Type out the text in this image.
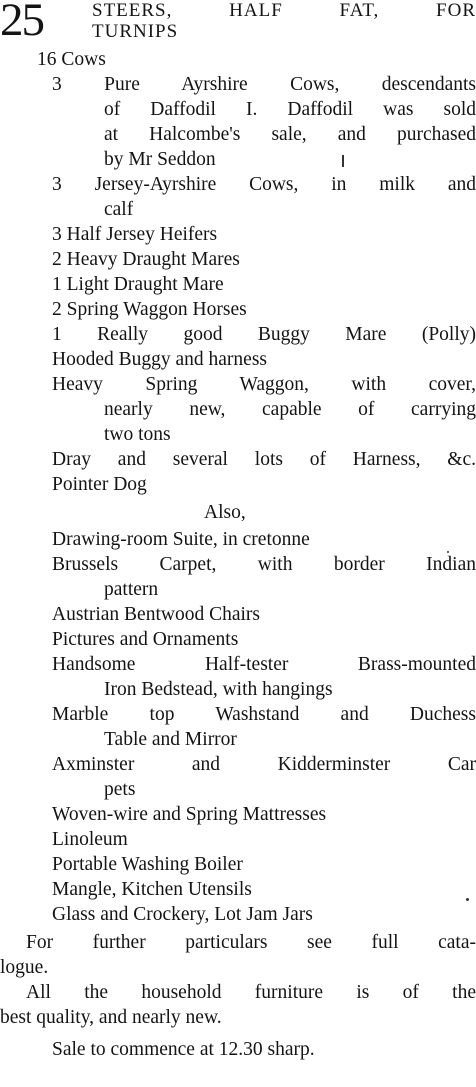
25	STEERS, HALF FAT, FOR
TURNIPS
16 Cows
3 Pure Ayrshire Cows, descendants
of Daffodil I. Daffodil was sold
at Halcombe's sale, and purchased
by Mr Seddon
3 Jersey-Ayrshire Cows, in milk and
calf
3 Half Jersey Heifers
2 Heavy Draught Mares
1 Light Draught Mare
2 Spring Waggon Horses
1 Really good Buggy Mare (Polly)
Hooded Buggy and harness
Heavy Spring Waggon, with cover,
nearly new, capable of carrying
two tons
Dray and several lots of Harness, &c.
Pointer Dog
Also,
Drawing-room Suite, in cretonne
Brussels Carpet, with border Indian
pattern
Austrian Bentwood Chairs
Pictures and Ornaments
Handsome Half-tester Brass-mounted
Iron Bedstead, with hangings
Marble top Washstand and Duchess
Table and Mirror
Axminster and Kidderminster Car
pets
Woven-wire and Spring Mattresses
Linoleum
Portable Washing Boiler
Mangle, Kitchen Utensils
Glass and Crockery, Lot Jam Jars
For further particulars see full cata-
logue.
All the household furniture is of the
best quality, and nearly new.
Sale to commence at 12.30 sharp.
